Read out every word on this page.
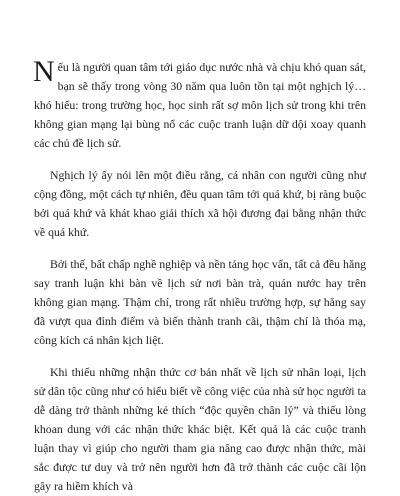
Nếu là người quan tâm tới giáo dục nước nhà và chịu khó quan sát, bạn sẽ thấy trong vòng 30 năm qua luôn tồn tại một nghịch lý… khó hiểu: trong trường học, học sinh rất sợ môn lịch sử trong khi trên không gian mạng lại bùng nổ các cuộc tranh luận dữ dội xoay quanh các chủ đề lịch sử.

Nghịch lý ấy nói lên một điều rằng, cá nhân con người cũng như cộng đồng, một cách tự nhiên, đều quan tâm tới quá khứ, bị ràng buộc bởi quá khứ và khát khao giải thích xã hội đương đại bằng nhận thức về quá khứ.

Bởi thế, bất chấp nghề nghiệp và nền tảng học vấn, tất cả đều hăng say tranh luận khi bàn về lịch sử nơi bàn trà, quán nước hay trên không gian mạng. Thậm chí, trong rất nhiều trường hợp, sự hăng say đã vượt qua đỉnh điểm và biến thành tranh cãi, thậm chí là thóa mạ, công kích cá nhân kịch liệt.

Khi thiếu những nhận thức cơ bản nhất về lịch sử nhân loại, lịch sử dân tộc cũng như có hiểu biết về công việc của nhà sử học người ta dễ dàng trở thành những kẻ thích “độc quyền chân lý” và thiếu lòng khoan dung với các nhận thức khác biệt. Kết quả là các cuộc tranh luận thay vì giúp cho người tham gia nâng cao được nhận thức, mài sắc được tư duy và trở nên người hơn đã trở thành các cuộc cãi lộn gây ra hiềm khích và
